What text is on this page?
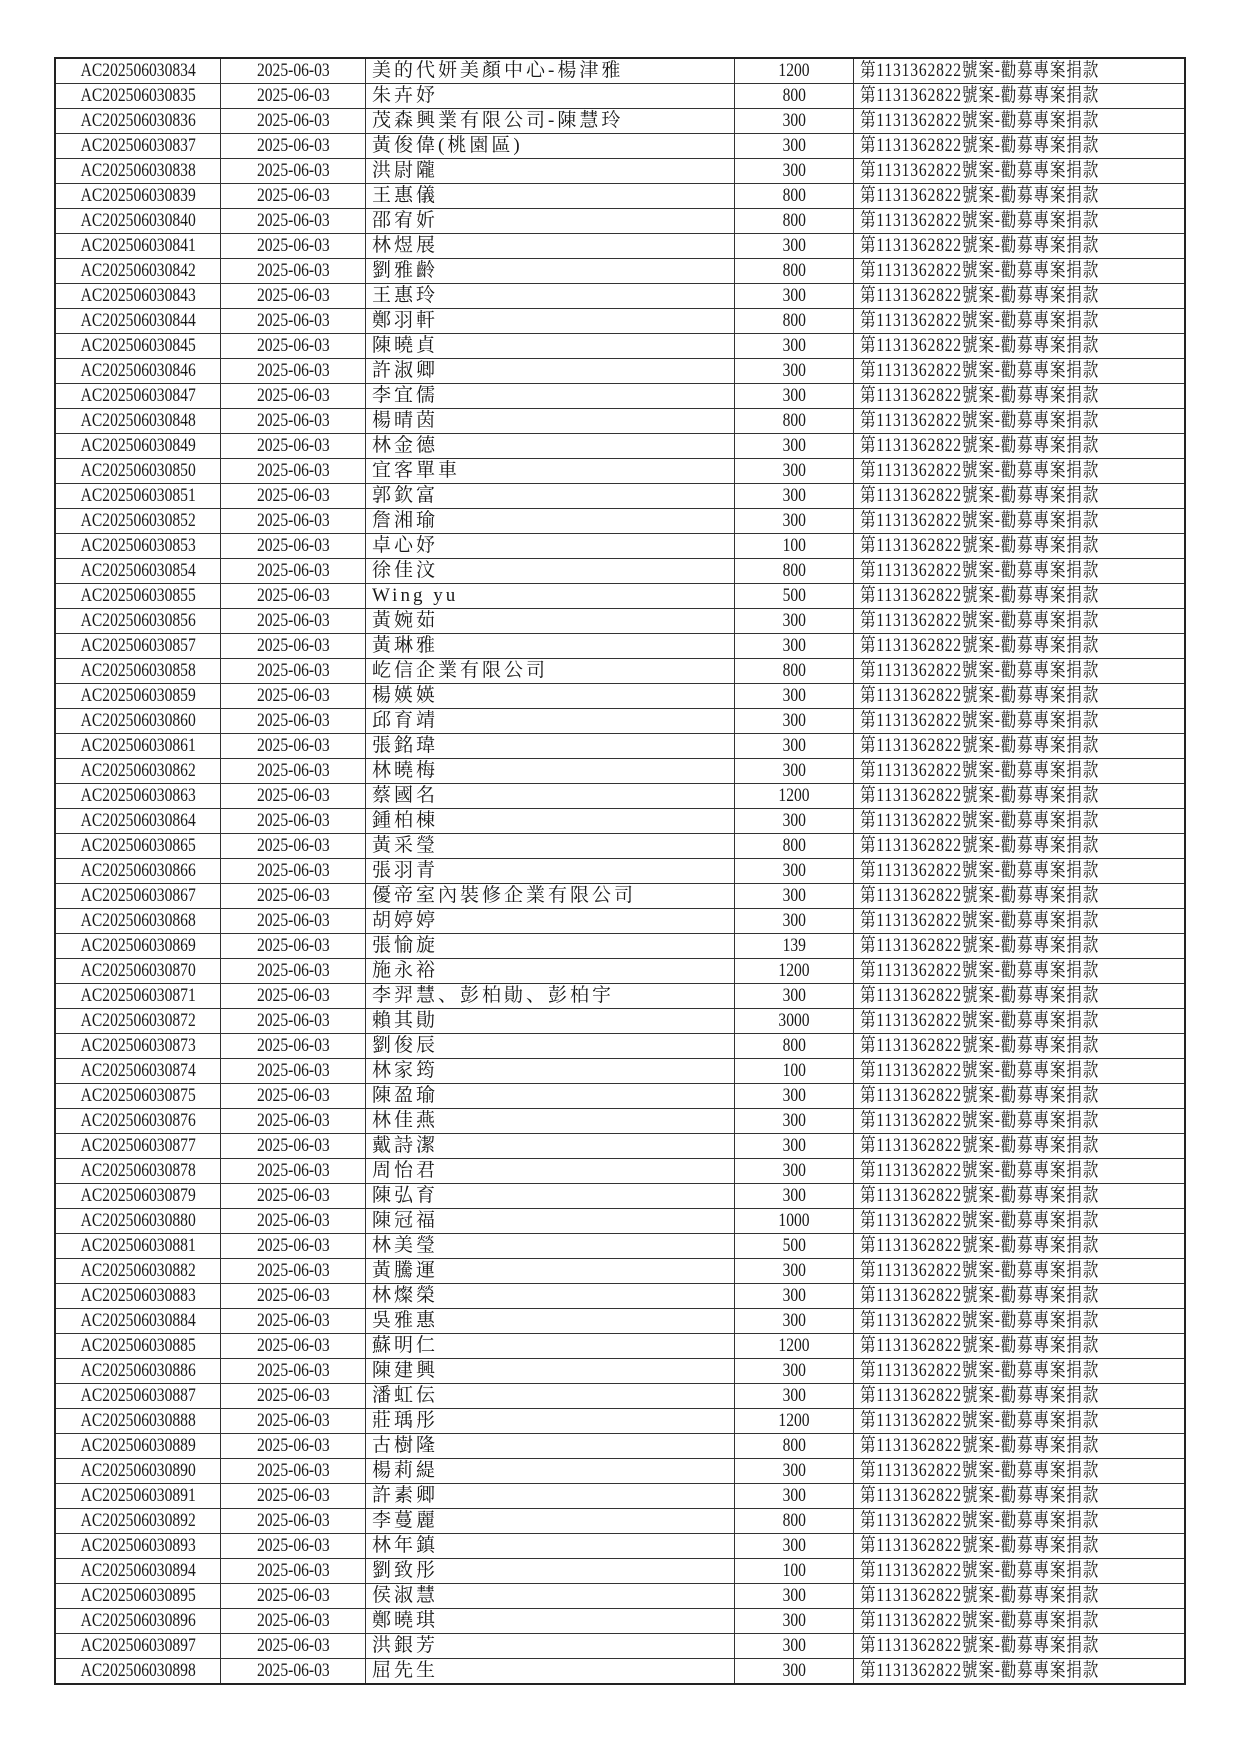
AC202506030834	2025-06-03	美的代妍美顏中心-楊津雅	1200	第1131362822號案-勸募專案捐款
AC202506030835	2025-06-03	朱卉妤	800	第1131362822號案-勸募專案捐款
AC202506030836	2025-06-03	茂森興業有限公司-陳慧玲	300	第1131362822號案-勸募專案捐款
AC202506030837	2025-06-03	黃俊偉(桃園區)	300	第1131362822號案-勸募專案捐款
AC202506030838	2025-06-03	洪尉隴	300	第1131362822號案-勸募專案捐款
AC202506030839	2025-06-03	王惠儀	800	第1131362822號案-勸募專案捐款
AC202506030840	2025-06-03	邵宥妡	800	第1131362822號案-勸募專案捐款
AC202506030841	2025-06-03	林煜展	300	第1131362822號案-勸募專案捐款
AC202506030842	2025-06-03	劉雅齡	800	第1131362822號案-勸募專案捐款
AC202506030843	2025-06-03	王惠玲	300	第1131362822號案-勸募專案捐款
AC202506030844	2025-06-03	鄭羽軒	800	第1131362822號案-勸募專案捐款
AC202506030845	2025-06-03	陳曉貞	300	第1131362822號案-勸募專案捐款
AC202506030846	2025-06-03	許淑卿	300	第1131362822號案-勸募專案捐款
AC202506030847	2025-06-03	李宜儒	300	第1131362822號案-勸募專案捐款
AC202506030848	2025-06-03	楊晴茵	800	第1131362822號案-勸募專案捐款
AC202506030849	2025-06-03	林金德	300	第1131362822號案-勸募專案捐款
AC202506030850	2025-06-03	宜客單車	300	第1131362822號案-勸募專案捐款
AC202506030851	2025-06-03	郭欽富	300	第1131362822號案-勸募專案捐款
AC202506030852	2025-06-03	詹湘瑜	300	第1131362822號案-勸募專案捐款
AC202506030853	2025-06-03	卓心妤	100	第1131362822號案-勸募專案捐款
AC202506030854	2025-06-03	徐佳汶	800	第1131362822號案-勸募專案捐款
AC202506030855	2025-06-03	Wing yu	500	第1131362822號案-勸募專案捐款
AC202506030856	2025-06-03	黃婉茹	300	第1131362822號案-勸募專案捐款
AC202506030857	2025-06-03	黃琳雅	300	第1131362822號案-勸募專案捐款
AC202506030858	2025-06-03	屹信企業有限公司	800	第1131362822號案-勸募專案捐款
AC202506030859	2025-06-03	楊媖媖	300	第1131362822號案-勸募專案捐款
AC202506030860	2025-06-03	邱育靖	300	第1131362822號案-勸募專案捐款
AC202506030861	2025-06-03	張銘瑋	300	第1131362822號案-勸募專案捐款
AC202506030862	2025-06-03	林曉梅	300	第1131362822號案-勸募專案捐款
AC202506030863	2025-06-03	蔡國名	1200	第1131362822號案-勸募專案捐款
AC202506030864	2025-06-03	鍾柏棟	300	第1131362822號案-勸募專案捐款
AC202506030865	2025-06-03	黃采瑩	800	第1131362822號案-勸募專案捐款
AC202506030866	2025-06-03	張羽青	300	第1131362822號案-勸募專案捐款
AC202506030867	2025-06-03	優帝室內裝修企業有限公司	300	第1131362822號案-勸募專案捐款
AC202506030868	2025-06-03	胡婷婷	300	第1131362822號案-勸募專案捐款
AC202506030869	2025-06-03	張愉旋	139	第1131362822號案-勸募專案捐款
AC202506030870	2025-06-03	施永裕	1200	第1131362822號案-勸募專案捐款
AC202506030871	2025-06-03	李羿慧、彭柏勛、彭柏宇	300	第1131362822號案-勸募專案捐款
AC202506030872	2025-06-03	賴其勛	3000	第1131362822號案-勸募專案捐款
AC202506030873	2025-06-03	劉俊辰	800	第1131362822號案-勸募專案捐款
AC202506030874	2025-06-03	林家筠	100	第1131362822號案-勸募專案捐款
AC202506030875	2025-06-03	陳盈瑜	300	第1131362822號案-勸募專案捐款
AC202506030876	2025-06-03	林佳燕	300	第1131362822號案-勸募專案捐款
AC202506030877	2025-06-03	戴詩潔	300	第1131362822號案-勸募專案捐款
AC202506030878	2025-06-03	周怡君	300	第1131362822號案-勸募專案捐款
AC202506030879	2025-06-03	陳弘育	300	第1131362822號案-勸募專案捐款
AC202506030880	2025-06-03	陳冠福	1000	第1131362822號案-勸募專案捐款
AC202506030881	2025-06-03	林美瑩	500	第1131362822號案-勸募專案捐款
AC202506030882	2025-06-03	黃騰運	300	第1131362822號案-勸募專案捐款
AC202506030883	2025-06-03	林燦榮	300	第1131362822號案-勸募專案捐款
AC202506030884	2025-06-03	吳雅惠	300	第1131362822號案-勸募專案捐款
AC202506030885	2025-06-03	蘇明仁	1200	第1131362822號案-勸募專案捐款
AC202506030886	2025-06-03	陳建興	300	第1131362822號案-勸募專案捐款
AC202506030887	2025-06-03	潘虹伝	300	第1131362822號案-勸募專案捐款
AC202506030888	2025-06-03	莊瑀彤	1200	第1131362822號案-勸募專案捐款
AC202506030889	2025-06-03	古樹隆	800	第1131362822號案-勸募專案捐款
AC202506030890	2025-06-03	楊莉緹	300	第1131362822號案-勸募專案捐款
AC202506030891	2025-06-03	許素卿	300	第1131362822號案-勸募專案捐款
AC202506030892	2025-06-03	李蔓麗	800	第1131362822號案-勸募專案捐款
AC202506030893	2025-06-03	林年鎮	300	第1131362822號案-勸募專案捐款
AC202506030894	2025-06-03	劉致彤	100	第1131362822號案-勸募專案捐款
AC202506030895	2025-06-03	侯淑慧	300	第1131362822號案-勸募專案捐款
AC202506030896	2025-06-03	鄭曉琪	300	第1131362822號案-勸募專案捐款
AC202506030897	2025-06-03	洪銀芳	300	第1131362822號案-勸募專案捐款
AC202506030898	2025-06-03	屈先生	300	第1131362822號案-勸募專案捐款
